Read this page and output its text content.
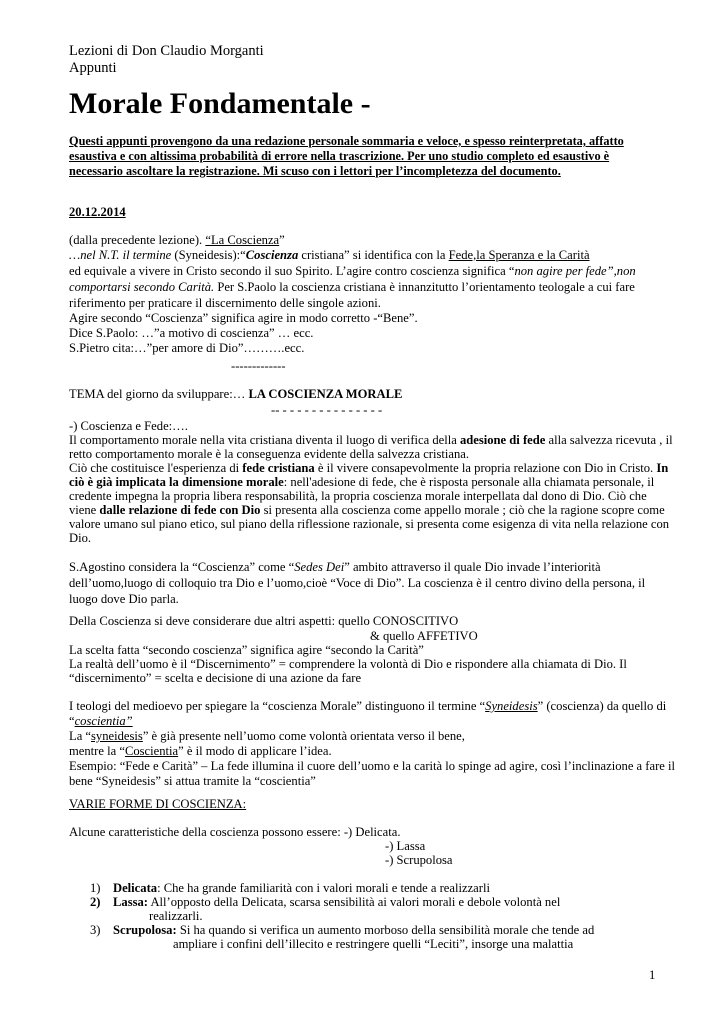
Lezioni di Don Claudio Morganti
Appunti
Morale Fondamentale -
Questi appunti provengono da una redazione personale sommaria e veloce, e spesso reinterpretata, affatto
esaustiva e con altissima probabilità di errore nella trascrizione. Per uno studio completo ed esaustivo è
necessario ascoltare la registrazione. Mi scuso con i lettori per l’incompletezza del documento.
20.12.2014
(dalla precedente lezione). “La Coscienza”
…nel N.T. il termine (Syneidesis):“Coscienza cristiana” si identifica con la Fede,la Speranza e la Carità
ed equivale a vivere in Cristo secondo il suo Spirito. L’agire contro coscienza significa “non agire per fede”,non
comportarsi secondo Carità. Per S.Paolo la coscienza cristiana è innanzitutto l’orientamento teologale a cui fare
riferimento per praticare il discernimento delle singole azioni.
Agire secondo “Coscienza” significa agire in modo corretto -“Bene”.
Dice S.Paolo: …”a motivo di coscienza” … ecc.
S.Pietro cita:…”per amore di Dio”……….ecc.
-------------
TEMA del giorno da sviluppare:… LA COSCIENZA MORALE
-- - - - - - - - - - - - - - -
-) Coscienza e Fede:….
Il comportamento morale nella vita cristiana diventa il luogo di verifica della adesione di fede alla salvezza ricevuta , il
retto comportamento morale è la conseguenza evidente della salvezza cristiana.
Ciò che costituisce l'esperienza di fede cristiana è il vivere consapevolmente la propria relazione con Dio in Cristo. In
ciò è già implicata la dimensione morale: nell'adesione di fede, che è risposta personale alla chiamata personale, il
credente impegna la propria libera responsabilità, la propria coscienza morale interpellata dal dono di Dio. Ciò che
viene dalle relazione di fede con Dio si presenta alla coscienza come appello morale ; ciò che la ragione scopre come
valore umano sul piano etico, sul piano della riflessione razionale, si presenta come esigenza di vita nella relazione con
Dio.
S.Agostino considera la “Coscienza” come “Sedes Dei” ambito attraverso il quale Dio invade l’interiorità
dell’uomo,luogo di colloquio tra Dio e l’uomo,cioè “Voce di Dio”. La coscienza è il centro divino della persona, il
luogo dove Dio parla.
Della Coscienza si deve considerare due altri aspetti: quello CONOSCITIVO
& quello AFFETIVO
La scelta fatta “secondo coscienza” significa agire “secondo la Carità”
La realtà dell’uomo è il “Discernimento” = comprendere la volontà di Dio e rispondere alla chiamata di Dio. Il
“discernimento” = scelta e decisione di una azione da fare
I teologi del medioevo per spiegare la “coscienza Morale” distinguono il termine “Syneidesis” (coscienza) da quello di
“coscientia”
La “syneidesis” è già presente nell’uomo come volontà orientata verso il bene,
mentre la “Coscientia” è il modo di applicare l’idea.
Esempio: “Fede e Carità” – La fede illumina il cuore dell’uomo e la carità lo spinge ad agire, così l’inclinazione a fare il
bene “Syneidesis” si attua tramite la “coscientia”
VARIE FORME DI COSCIENZA:
Alcune caratteristiche della coscienza possono essere: -) Delicata.
-) Lassa
-) Scrupolosa
1) Delicata: Che ha grande familiarità con i valori morali e tende a realizzarli
2) Lassa: All’opposto della Delicata, scarsa sensibilità ai valori morali e debole volontà nel
realizzarli.
3) Scrupolosa: Si ha quando si verifica un aumento morboso della sensibilità morale che tende ad
ampliare i confini dell’illecito e restringere quelli “Leciti”, insorge una malattia
1
